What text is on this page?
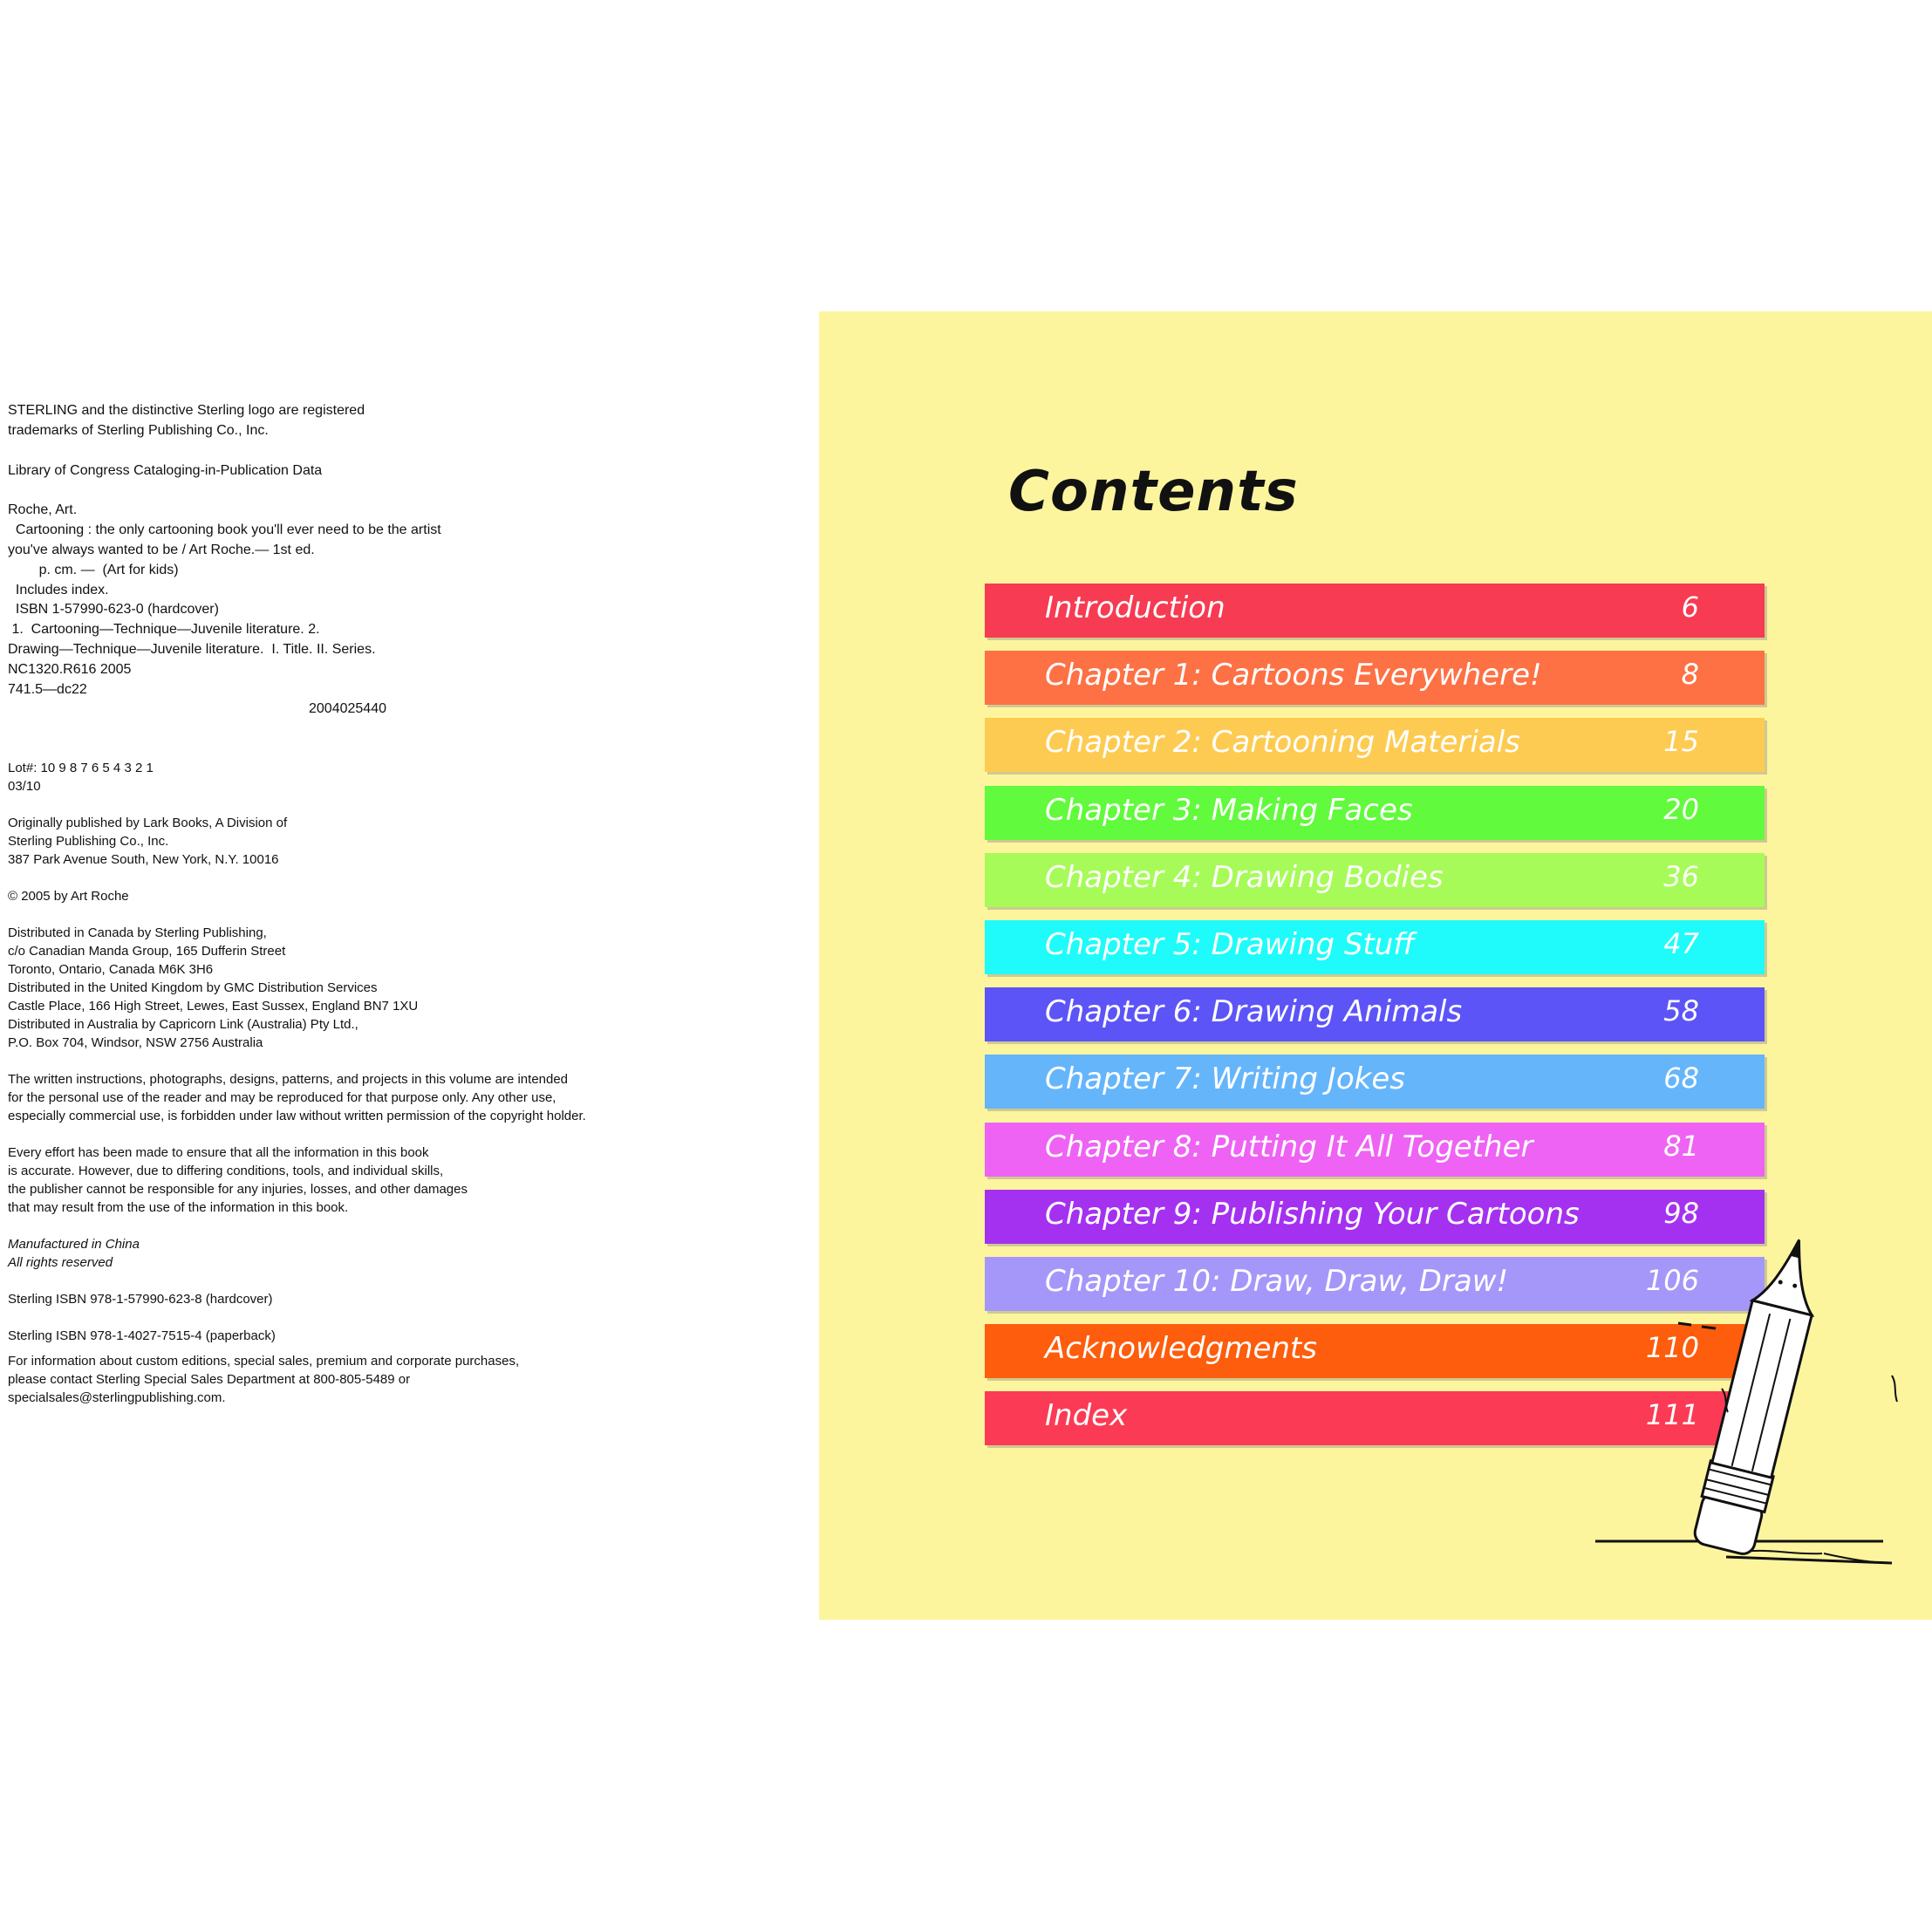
STERLING and the distinctive Sterling logo are registered
trademarks of Sterling Publishing Co., Inc.
Library of Congress Cataloging-in-Publication Data
Roche, Art.
Cartooning : the only cartooning book you'll ever need to be the artist
you've always wanted to be / Art Roche.— 1st ed.
p. cm. —  (Art for kids)
Includes index.
ISBN 1-57990-623-0 (hardcover)
1.  Cartooning—Technique—Juvenile literature. 2.
Drawing—Technique—Juvenile literature.  I. Title. II. Series.
NC1320.R616 2005
741.5—dc22
2004025440
Lot#: 10 9 8 7 6 5 4 3 2 1
03/10
Originally published by Lark Books, A Division of
Sterling Publishing Co., Inc.
387 Park Avenue South, New York, N.Y. 10016
© 2005 by Art Roche
Distributed in Canada by Sterling Publishing,
c/o Canadian Manda Group, 165 Dufferin Street
Toronto, Ontario, Canada M6K 3H6
Distributed in the United Kingdom by GMC Distribution Services
Castle Place, 166 High Street, Lewes, East Sussex, England BN7 1XU
Distributed in Australia by Capricorn Link (Australia) Pty Ltd.,
P.O. Box 704, Windsor, NSW 2756 Australia
The written instructions, photographs, designs, patterns, and projects in this volume are intended
for the personal use of the reader and may be reproduced for that purpose only. Any other use,
especially commercial use, is forbidden under law without written permission of the copyright holder.
Every effort has been made to ensure that all the information in this book
is accurate. However, due to differing conditions, tools, and individual skills,
the publisher cannot be responsible for any injuries, losses, and other damages
that may result from the use of the information in this book.
Manufactured in China
All rights reserved
Sterling ISBN 978-1-57990-623-8 (hardcover)
Sterling ISBN 978-1-4027-7515-4 (paperback)
For information about custom editions, special sales, premium and corporate purchases,
please contact Sterling Special Sales Department at 800-805-5489 or
specialsales@sterlingpublishing.com.
Contents
Introduction	6
Chapter 1: Cartoons Everywhere!	8
Chapter 2: Cartooning Materials	15
Chapter 3: Making Faces	20
Chapter 4: Drawing Bodies	36
Chapter 5: Drawing Stuff	47
Chapter 6: Drawing Animals	58
Chapter 7: Writing Jokes	68
Chapter 8: Putting It All Together	81
Chapter 9: Publishing Your Cartoons	98
Chapter 10: Draw, Draw, Draw!	106
Acknowledgments	110
Index	111
